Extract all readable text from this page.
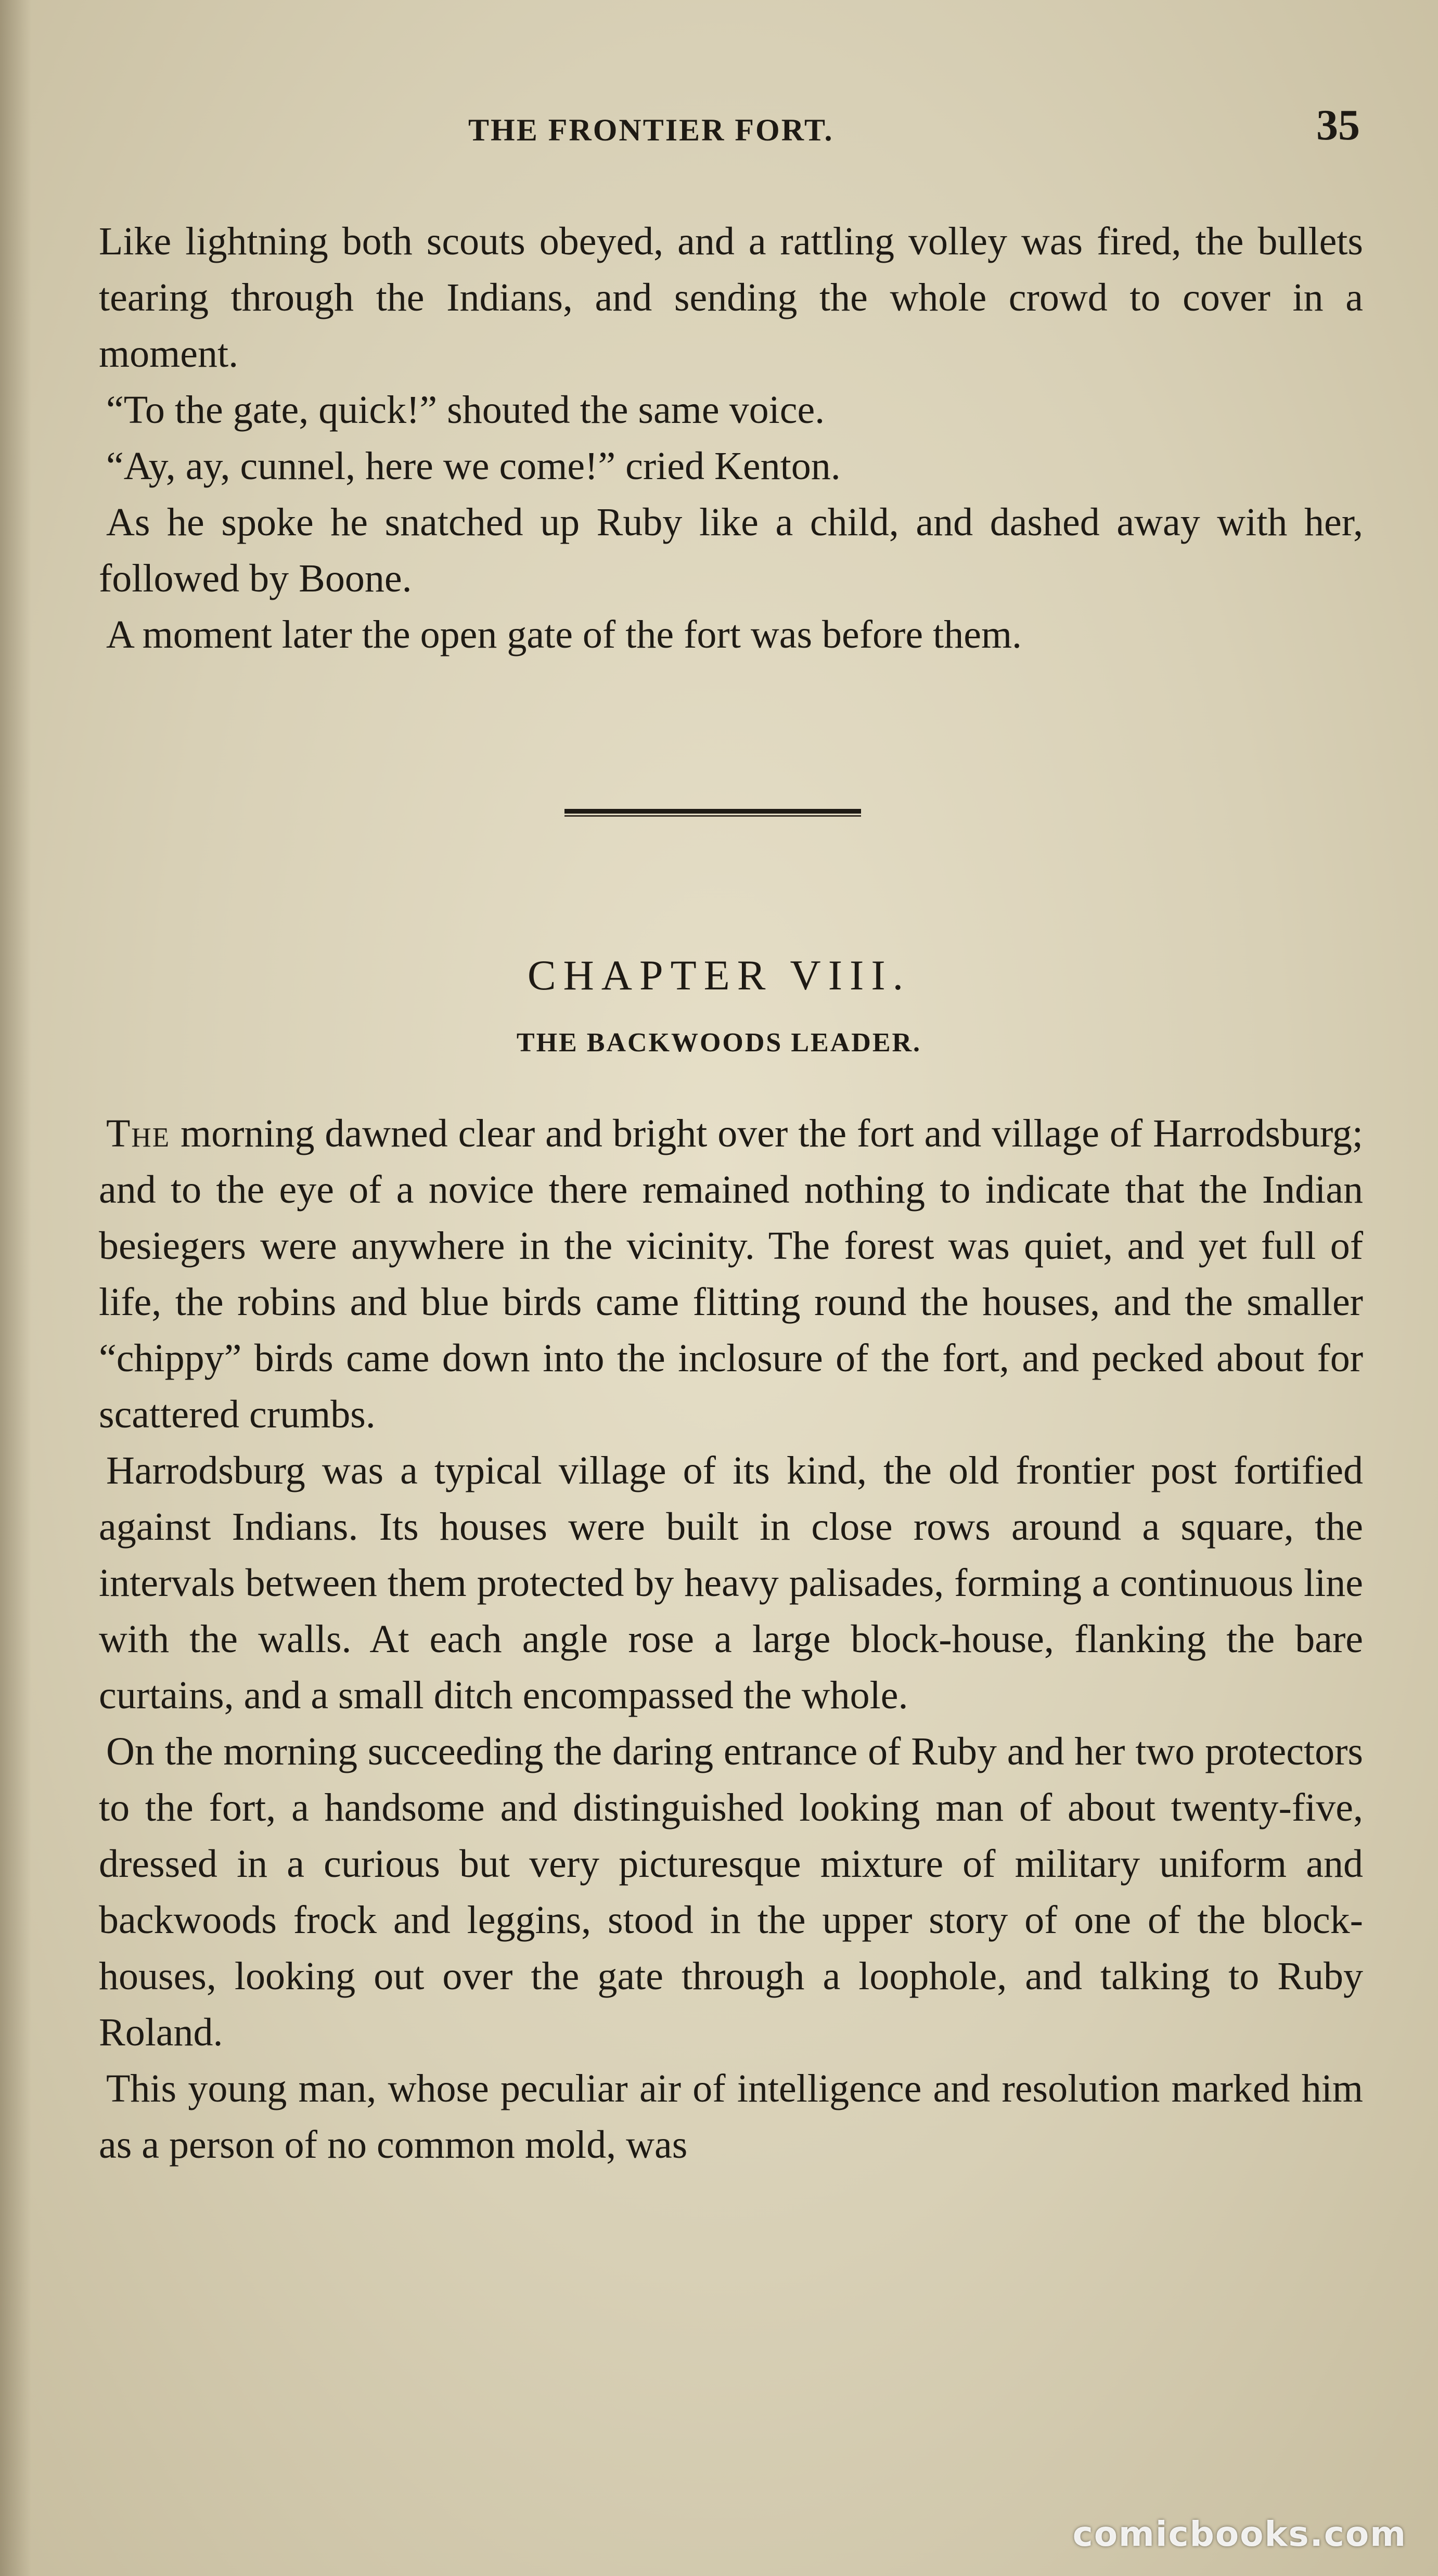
THE FRONTIER FORT.	35

Like lightning both scouts obeyed, and a rattling volley was fired, the bullets tearing through the Indians, and sending the whole crowd to cover in a moment.

“To the gate, quick!” shouted the same voice.

“Ay, ay, cunnel, here we come!” cried Kenton.

As he spoke he snatched up Ruby like a child, and dashed away with her, followed by Boone.

A moment later the open gate of the fort was before them.

CHAPTER VIII.
THE BACKWOODS LEADER.

The morning dawned clear and bright over the fort and village of Harrodsburg; and to the eye of a novice there remained nothing to indicate that the Indian besiegers were anywhere in the vicinity. The forest was quiet, and yet full of life, the robins and blue birds came flitting round the houses, and the smaller “chippy” birds came down into the inclosure of the fort, and pecked about for scattered crumbs.

Harrodsburg was a typical village of its kind, the old frontier post fortified against Indians. Its houses were built in close rows around a square, the intervals between them protected by heavy palisades, forming a continuous line with the walls. At each angle rose a large block-house, flanking the bare curtains, and a small ditch encompassed the whole.

On the morning succeeding the daring entrance of Ruby and her two protectors to the fort, a handsome and distinguished looking man of about twenty-five, dressed in a curious but very picturesque mixture of military uniform and backwoods frock and leggins, stood in the upper story of one of the block-houses, looking out over the gate through a loophole, and talking to Ruby Roland.

This young man, whose peculiar air of intelligence and resolution marked him as a person of no common mold, was

comicbooks.com
